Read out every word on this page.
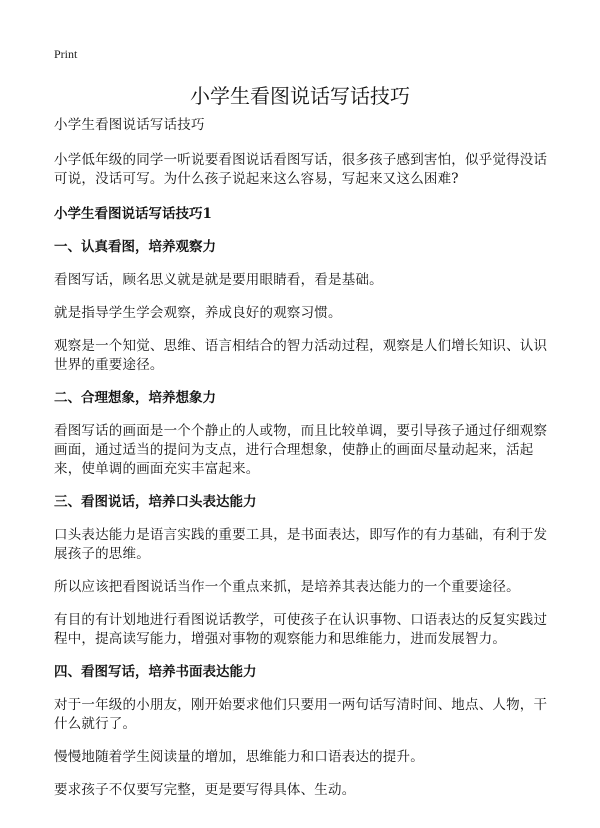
Print
小学生看图说话写话技巧

小学生看图说话写话技巧

小学低年级的同学一听说要看图说话看图写话，很多孩子感到害怕，似乎觉得没话可说，没话可写。为什么孩子说起来这么容易，写起来又这么困难?

小学生看图说话写话技巧1
一、认真看图，培养观察力

看图写话，顾名思义就是就是要用眼睛看，看是基础。

就是指导学生学会观察，养成良好的观察习惯。

观察是一个知觉、思维、语言相结合的智力活动过程，观察是人们增长知识、认识世界的重要途径。

二、合理想象，培养想象力

看图写话的画面是一个个静止的人或物，而且比较单调，要引导孩子通过仔细观察画面，通过适当的提问为支点，进行合理想象，使静止的画面尽量动起来，活起来，使单调的画面充实丰富起来。

三、看图说话，培养口头表达能力

口头表达能力是语言实践的重要工具，是书面表达，即写作的有力基础，有利于发展孩子的思维。

所以应该把看图说话当作一个重点来抓，是培养其表达能力的一个重要途径。

有目的有计划地进行看图说话教学，可使孩子在认识事物、口语表达的反复实践过程中，提高读写能力，增强对事物的观察能力和思维能力，进而发展智力。

四、看图写话，培养书面表达能力

对于一年级的小朋友，刚开始要求他们只要用一两句话写清时间、地点、人物，干什么就行了。

慢慢地随着学生阅读量的增加，思维能力和口语表达的提升。

要求孩子不仅要写完整，更是要写得具体、生动。
